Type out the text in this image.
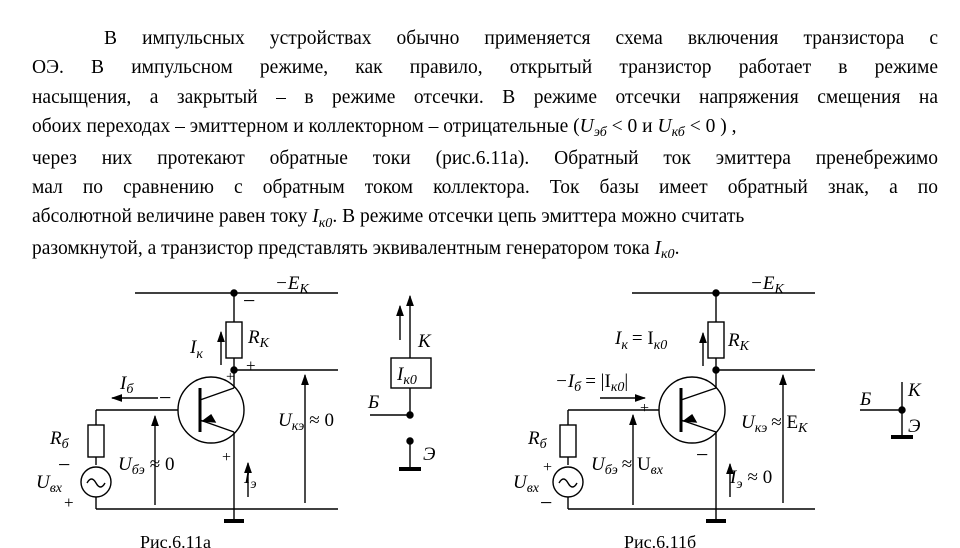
В импульсных устройствах обычно применяется схема включения транзистора с
ОЭ. В импульсном режиме, как правило, открытый транзистор работает в режиме
насыщения, а закрытый – в режиме отсечки. В режиме отсечки напряжения смещения на
обоих переходах – эмиттерном и коллекторном – отрицательные ($U_{эб} < 0$ и $U_{кб} < 0$ ) ,
через них протекают обратные токи (рис.6.11а). Обратный ток эмиттера пренебрежимо
мал по сравнению с обратным током коллектора. Ток базы имеет обратный знак, а по
абсолютной величине равен току $I_{к0}$. В режиме отсечки цепь эмиттера можно считать
разомкнутой, а транзистор представлять эквивалентным генератором тока $I_{к0}$.
$-E_К$
−
$I_к$
$R_К$
+
+
$I_б$ −
$R_б$
−
$U_{вх}$
+
$U_{бэ} \approx 0$	+
$I_э$
$U_{кэ} \approx 0$
Рис.6.11а
К
$I_{к0}$
Б
Э
$-E_К$
$I_к = I_{к0}$	$R_К$
$-I_б = |I_{к0}|$
+
$R_б$
+
$U_{вх}$
−
$U_{бэ} \approx U_{вх}$
−
$I_э \approx 0$
$U_{кэ} \approx E_К$
Рис.6.11б
Б К
Э
